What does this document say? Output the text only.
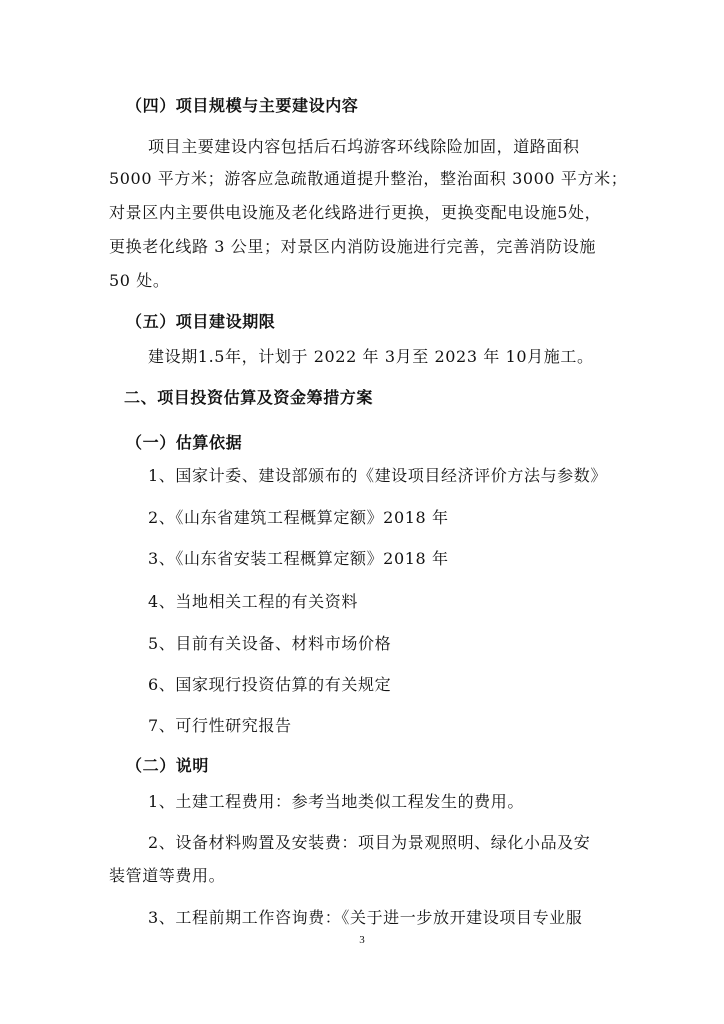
（四）项目规模与主要建设内容
项目主要建设内容包括后石坞游客环线除险加固，道路面积
5000 平方米；游客应急疏散通道提升整治，整治面积 3000 平方米；
对景区内主要供电设施及老化线路进行更换，更换变配电设施5处，
更换老化线路 3 公里；对景区内消防设施进行完善，完善消防设施
50 处。
（五）项目建设期限
建设期1.5年，计划于 2022 年 3月至 2023 年 10月施工。
二、项目投资估算及资金筹措方案
（一）估算依据
1、国家计委、建设部颁布的《建设项目经济评价方法与参数》
2、《山东省建筑工程概算定额》2018 年
3、《山东省安装工程概算定额》2018 年
4、当地相关工程的有关资料
5、目前有关设备、材料市场价格
6、国家现行投资估算的有关规定
7、可行性研究报告
（二）说明
1、土建工程费用：参考当地类似工程发生的费用。
2、设备材料购置及安装费：项目为景观照明、绿化小品及安
装管道等费用。
3、工程前期工作咨询费：《关于进一步放开建设项目专业服
3
